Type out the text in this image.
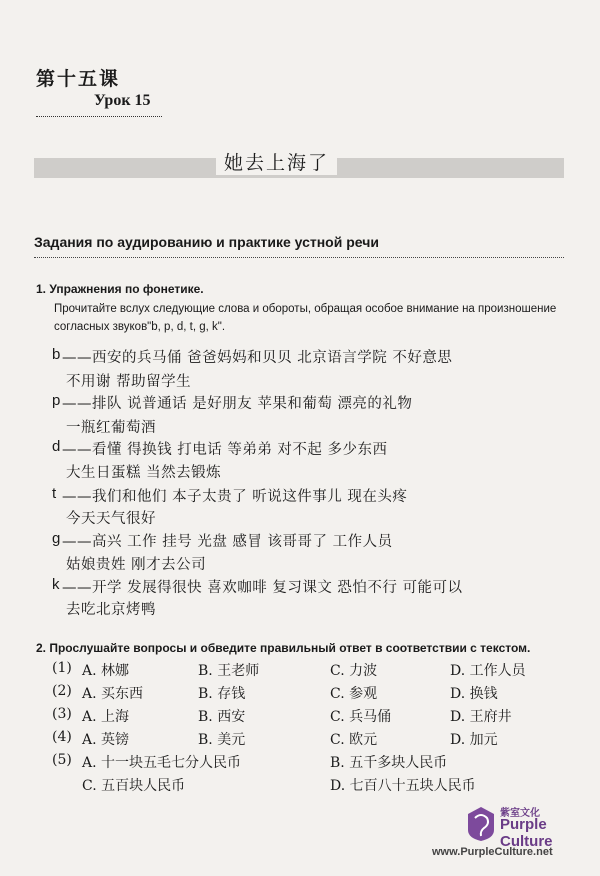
第十五课
Урок 15
她去上海了
Задания по аудированию и практике устной речи
1. Упражнения по фонетике.
Прочитайте вслух следующие слова и обороты, обращая особое внимание на произношение
согласных звуков"b, p, d, t, g, k".
b ——西安的兵马俑 爸爸妈妈和贝贝 北京语言学院 不好意思
不用谢 帮助留学生
p ——排队 说普通话 是好朋友 苹果和葡萄 漂亮的礼物
一瓶红葡萄酒
d ——看懂 得换钱 打电话 等弟弟 对不起 多少东西
大生日蛋糕 当然去锻炼
t ——我们和他们 本子太贵了 听说这件事儿 现在头疼
今天天气很好
g ——高兴 工作 挂号 光盘 感冒 该哥哥了 工作人员
姑娘贵姓 刚才去公司
k ——开学 发展得很快 喜欢咖啡 复习课文 恐怕不行 可能可以
去吃北京烤鸭
2. Прослушайте вопросы и обведите правильный ответ в соответствии с текстом.
(1) A. 林娜	B. 王老师	C. 力波	D. 工作人员
(2) A. 买东西	B. 存钱	C. 参观	D. 换钱
(3) A. 上海	B. 西安	C. 兵马俑	D. 王府井
(4) A. 英镑	B. 美元	C. 欧元	D. 加元
(5) A. 十一块五毛七分人民币	B. 五千多块人民币
C. 五百块人民币	D. 七百八十五块人民币
紫室文化
Purple Culture
www.PurpleCulture.net
